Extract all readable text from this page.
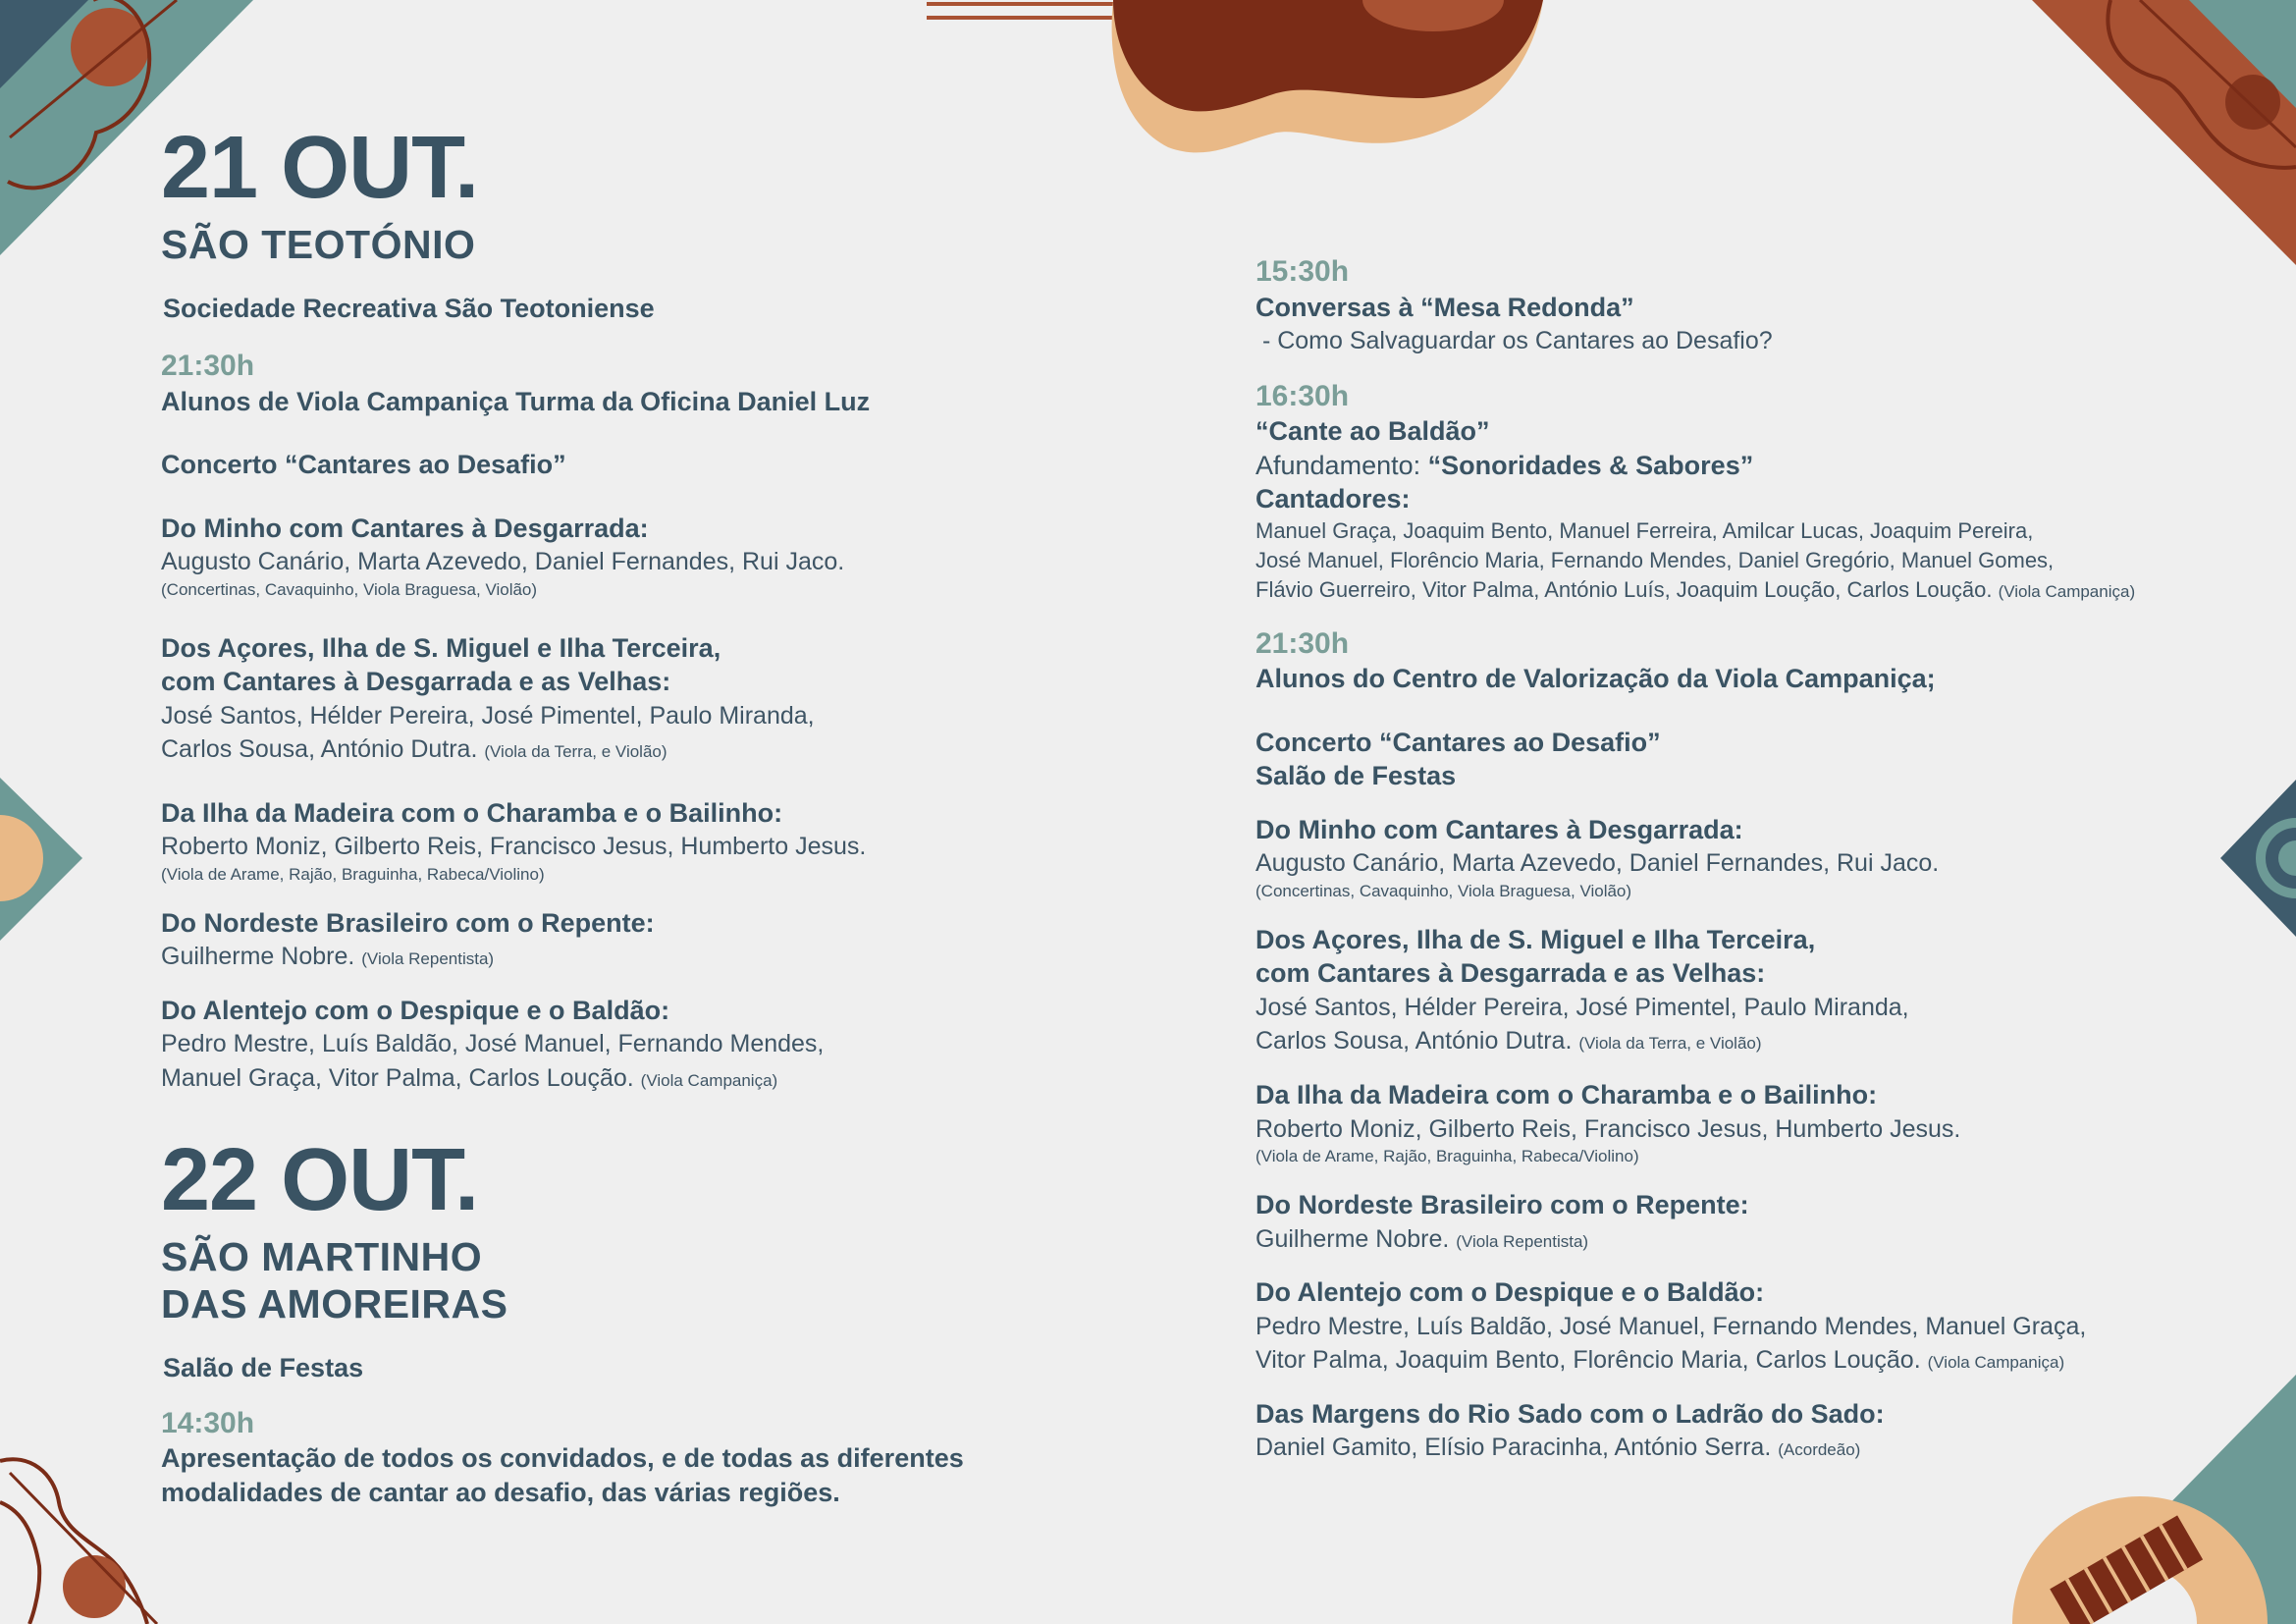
21 OUT.
SÃO TEOTÓNIO

Sociedade Recreativa São Teotoniense

21:30h

Alunos de Viola Campaniça Turma da Oficina Daniel Luz

Concerto “Cantares ao Desafio”

Do Minho com Cantares à Desgarrada:

Augusto Canário, Marta Azevedo, Daniel Fernandes, Rui Jaco.

(Concertinas, Cavaquinho, Viola Braguesa, Violão)

Dos Açores, Ilha de S. Miguel e Ilha Terceira,

com Cantares à Desgarrada e as Velhas:

José Santos, Hélder Pereira, José Pimentel, Paulo Miranda,

Carlos Sousa, António Dutra. (Viola da Terra, e Violão)

Da Ilha da Madeira com o Charamba e o Bailinho:

Roberto Moniz, Gilberto Reis, Francisco Jesus, Humberto Jesus.

(Viola de Arame, Rajão, Braguinha, Rabeca/Violino)

Do Nordeste Brasileiro com o Repente:

Guilherme Nobre. (Viola Repentista)

Do Alentejo com o Despique e o Baldão:

Pedro Mestre, Luís Baldão, José Manuel, Fernando Mendes,

Manuel Graça, Vitor Palma, Carlos Loução. (Viola Campaniça)

22 OUT.
SÃO MARTINHO
DAS AMOREIRAS

Salão de Festas

14:30h

Apresentação de todos os convidados, e de todas as diferentes

modalidades de cantar ao desafio, das várias regiões.

15:30h

Conversas à “Mesa Redonda”

- Como Salvaguardar os Cantares ao Desafio?

16:30h

“Cante ao Baldão”

Afundamento: “Sonoridades & Sabores”

Cantadores:

Manuel Graça, Joaquim Bento, Manuel Ferreira, Amilcar Lucas, Joaquim Pereira,

José Manuel, Florêncio Maria, Fernando Mendes, Daniel Gregório, Manuel Gomes,

Flávio Guerreiro, Vitor Palma, António Luís, Joaquim Loução, Carlos Loução. (Viola Campaniça)

21:30h

Alunos do Centro de Valorização da Viola Campaniça;

Concerto “Cantares ao Desafio”

Salão de Festas

Do Minho com Cantares à Desgarrada:

Augusto Canário, Marta Azevedo, Daniel Fernandes, Rui Jaco.

(Concertinas, Cavaquinho, Viola Braguesa, Violão)

Dos Açores, Ilha de S. Miguel e Ilha Terceira,

com Cantares à Desgarrada e as Velhas:

José Santos, Hélder Pereira, José Pimentel, Paulo Miranda,

Carlos Sousa, António Dutra. (Viola da Terra, e Violão)

Da Ilha da Madeira com o Charamba e o Bailinho:

Roberto Moniz, Gilberto Reis, Francisco Jesus, Humberto Jesus.

(Viola de Arame, Rajão, Braguinha, Rabeca/Violino)

Do Nordeste Brasileiro com o Repente:

Guilherme Nobre. (Viola Repentista)

Do Alentejo com o Despique e o Baldão:

Pedro Mestre, Luís Baldão, José Manuel, Fernando Mendes, Manuel Graça,

Vitor Palma, Joaquim Bento, Florêncio Maria, Carlos Loução. (Viola Campaniça)

Das Margens do Rio Sado com o Ladrão do Sado:

Daniel Gamito, Elísio Paracinha, António Serra. (Acordeão)
